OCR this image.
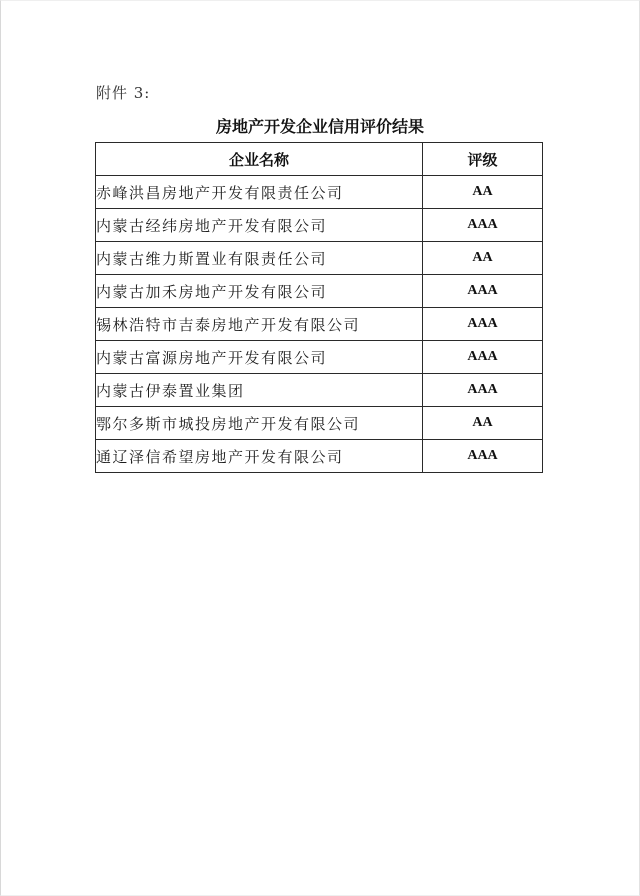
附件 3:
房地产开发企业信用评价结果
企业名称	评级
赤峰洪昌房地产开发有限责任公司	AA
内蒙古经纬房地产开发有限公司	AAA
内蒙古维力斯置业有限责任公司	AA
内蒙古加禾房地产开发有限公司	AAA
锡林浩特市吉泰房地产开发有限公司	AAA
内蒙古富源房地产开发有限公司	AAA
内蒙古伊泰置业集团	AAA
鄂尔多斯市城投房地产开发有限公司	AA
通辽泽信希望房地产开发有限公司	AAA
